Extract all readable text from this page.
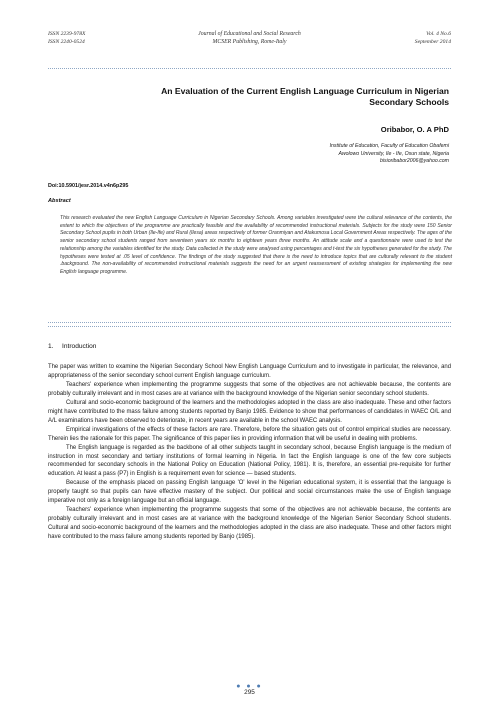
ISSN 2239-978X
ISSN 2240-0524
Journal of Educational and Social Research
MCSER Publishing, Rome-Italy
Vol. 4 No.6
September 2014
An Evaluation of the Current English Language Curriculum in Nigerian Secondary Schools
Oribabor, O. A PhD
Institute of Education, Faculty of Education Obafemi
Awolowo University, Ile - Ife, Osun state, Nigeria
bisioribabor2006@yahoo.com
Doi:10.5901/jesr.2014.v4n6p295
Abstract
This research evaluated the new English Language Curriculum in Nigerian Secondary Schools. Among variables investigated were the cultural relevance of the contents, the extent to which the objectives of the programme are practically feasible and the availability of recommended instructional materials. Subjects for the study were 150 Senior Secondary School pupils in both Urban (Ile-Ife) and Rural (Ilesa) areas respectively of former Oranmiyan and Atakumosa Local Government Areas respectively. The ages of the senior secondary school students ranged from seventeen years six months to eighteen years three months. An attitude scale and a questionnaire were used to test the relationship among the variables identified for the study. Data collected in the study were analysed using percentages and t-test the six hypotheses generated for the study. The hypotheses were tested at .05 level of confidence. The findings of the study suggested that there is the need to introduce topics that are culturally relevant to the student .background. The non-availability of recommended instructional materials suggests the need for an urgent reassessment of existing strategies for implementing the new English language programme.
1. Introduction

The paper was written to examine the Nigerian Secondary School New English Language Curriculum and to investigate in particular, the relevance, and appropriateness of the senior secondary school current English language curriculum.

Teachers' experience when implementing the programme suggests that some of the objectives are not achievable because, the contents are probably culturally irrelevant and in most cases are at variance with the background knowledge of the Nigerian senior secondary school students.

Cultural and socio-economic background of the learners and the methodologies adopted in the class are also inadequate. These and other factors might have contributed to the mass failure among students reported by Banjo 1985. Evidence to show that performances of candidates in WAEC O/L and A/L examinations have been observed to deteriorate, in recent years are available in the school WAEC analysis.

Empirical investigations of the effects of these factors are rare. Therefore, before the situation gets out of control empirical studies are necessary. Therein lies the rationale for this paper. The significance of this paper lies in providing information that will be useful in dealing with problems.

The English language is regarded as the backbone of all other subjects taught in secondary school, because English language is the medium of instruction in most secondary and tertiary institutions of formal learning in Nigeria. In fact the English language is one of the few core subjects recommended for secondary schools in the National Policy on Education (National Policy, 1981). It is, therefore, an essential pre-requisite for further education. At least a pass (P7) in English is a requirement even for science — based students.

Because of the emphasis placed on passing English language 'O' level in the Nigerian educational system, it is essential that the language is properly taught so that pupils can have effective mastery of the subject. Our political and social circumstances make the use of English language imperative not only as a foreign language but an official language.

Teachers' experience when implementing the programme suggests that some of the objectives are not achievable because, the contents are probably culturally irrelevant and in most cases are at variance with the background knowledge of the Nigerian Senior Secondary School students. Cultural and socio-economic background of the learners and the methodologies adopted in the class are also inadequate. These and other factors might have contributed to the mass failure among students reported by Banjo (1985).

● ● ●
295
